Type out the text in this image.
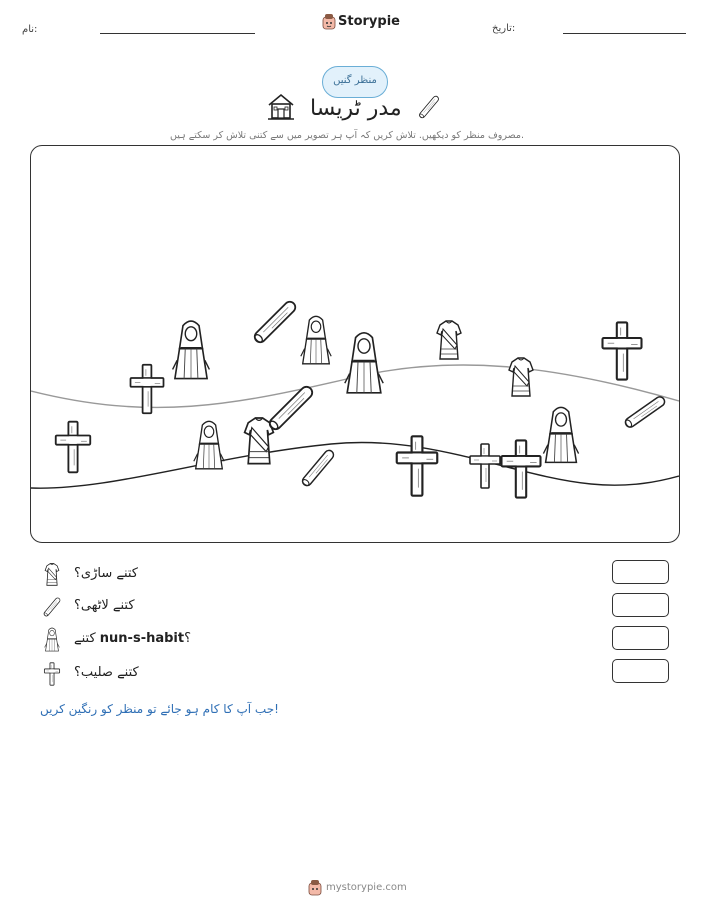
نام:
Storypie	تاریخ:
منظر گنیں
مدر ٹریسا
مصروف منظر کو دیکھیں. تلاش کریں کہ آپ ہر تصویر میں سے کتنی تلاش کر سکتے ہیں.
کتنے ساڑی؟
کتنے لاٹھی؟
؟nun-s-habit کتنے
کتنے صلیب؟
جب آپ کا کام ہو جائے تو منظر کو رنگین کریں!
mystorypie.com
